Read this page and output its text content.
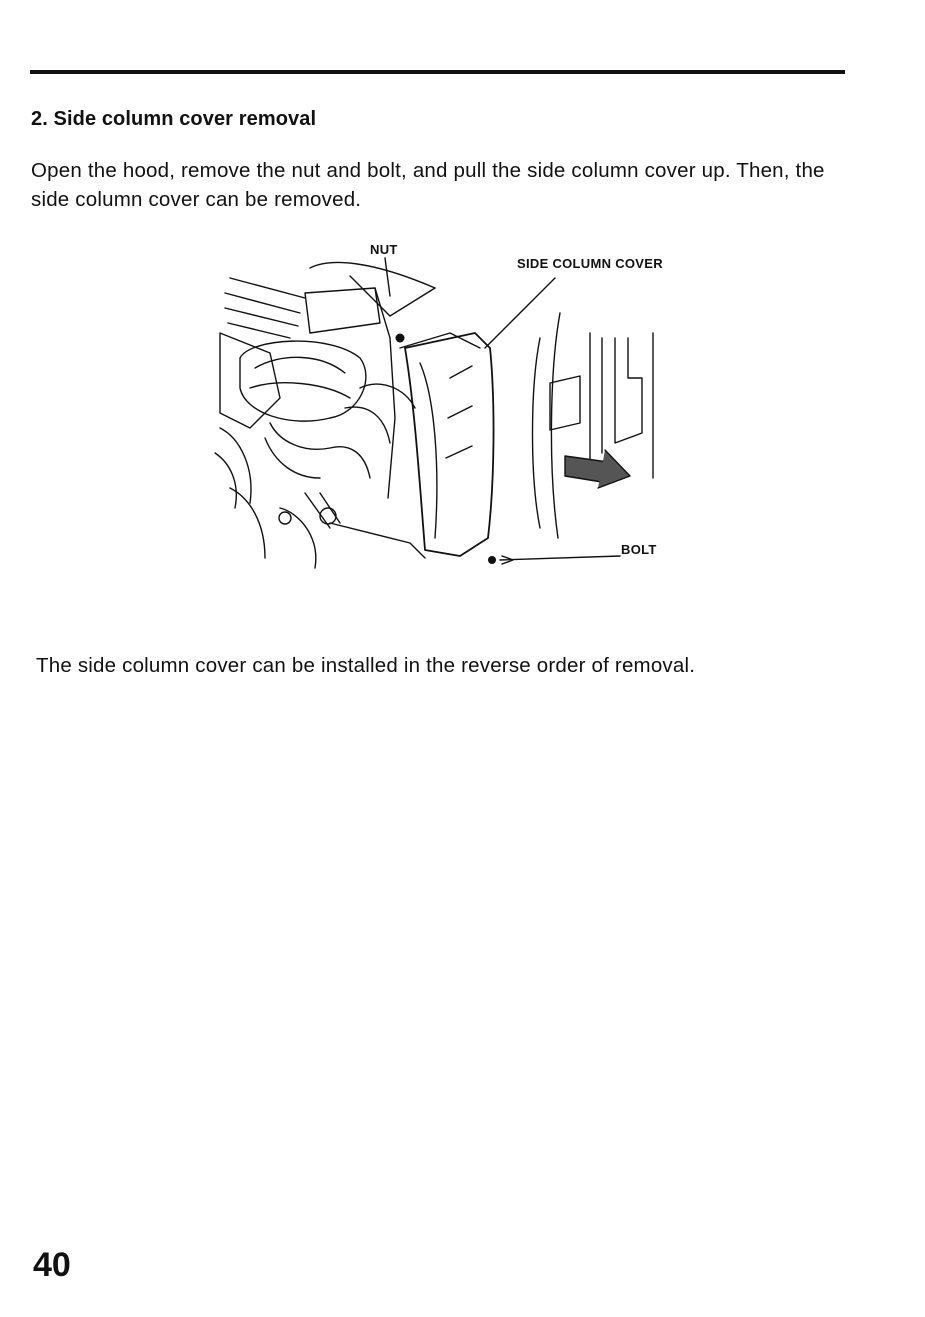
2. Side column cover removal
Open the hood, remove the nut and bolt, and pull the side column cover up. Then, the side column cover can be removed.
NUT
SIDE COLUMN COVER
BOLT
The side column cover can be installed in the reverse order of removal.
40
